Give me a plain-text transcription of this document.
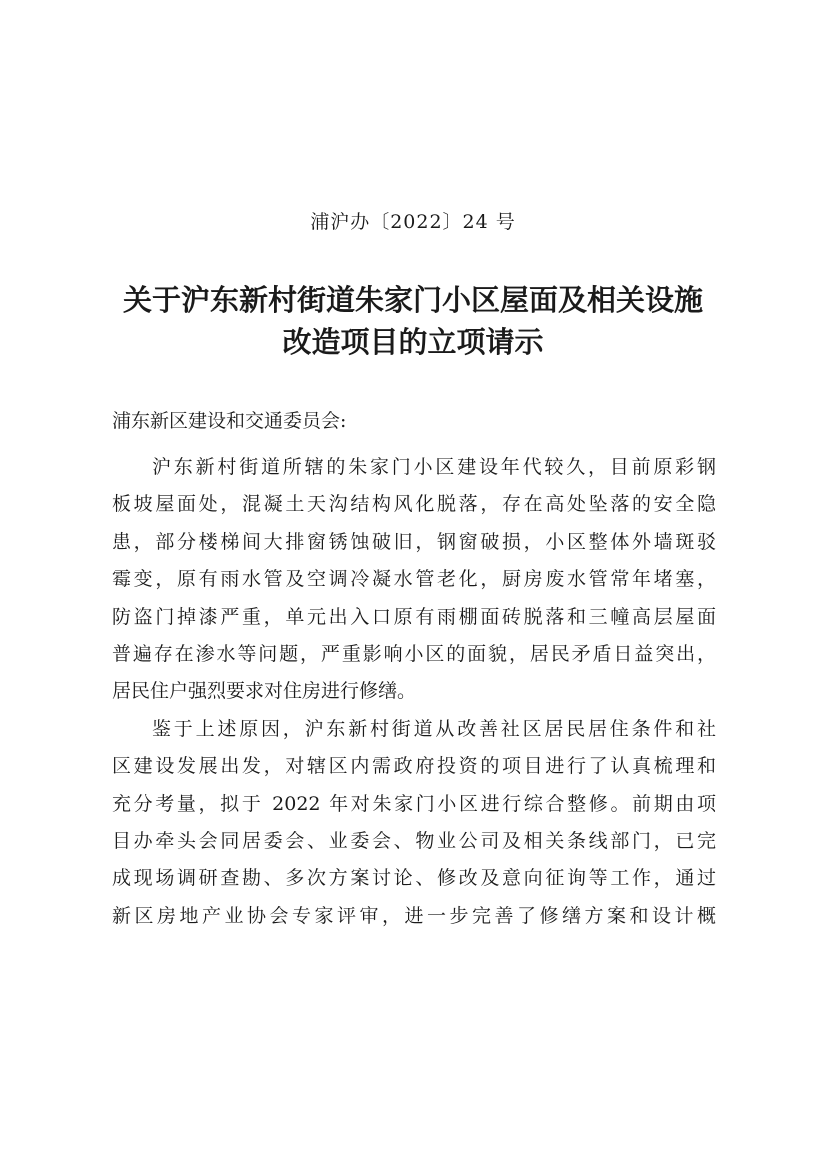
浦沪办〔2022〕24 号
关于沪东新村街道朱家门小区屋面及相关设施
改造项目的立项请示
浦东新区建设和交通委员会:
沪东新村街道所辖的朱家门小区建设年代较久，目前原彩钢
板坡屋面处，混凝土天沟结构风化脱落，存在高处坠落的安全隐
患，部分楼梯间大排窗锈蚀破旧，钢窗破损，小区整体外墙斑驳
霉变，原有雨水管及空调冷凝水管老化，厨房废水管常年堵塞，
防盗门掉漆严重，单元出入口原有雨棚面砖脱落和三幢高层屋面
普遍存在渗水等问题，严重影响小区的面貌，居民矛盾日益突出，
居民住户强烈要求对住房进行修缮。
鉴于上述原因，沪东新村街道从改善社区居民居住条件和社
区建设发展出发，对辖区内需政府投资的项目进行了认真梳理和
充分考量，拟于 2022 年对朱家门小区进行综合整修。前期由项
目办牵头会同居委会、业委会、物业公司及相关条线部门，已完
成现场调研查勘、多次方案讨论、修改及意向征询等工作，通过
新区房地产业协会专家评审，进一步完善了修缮方案和设计概
